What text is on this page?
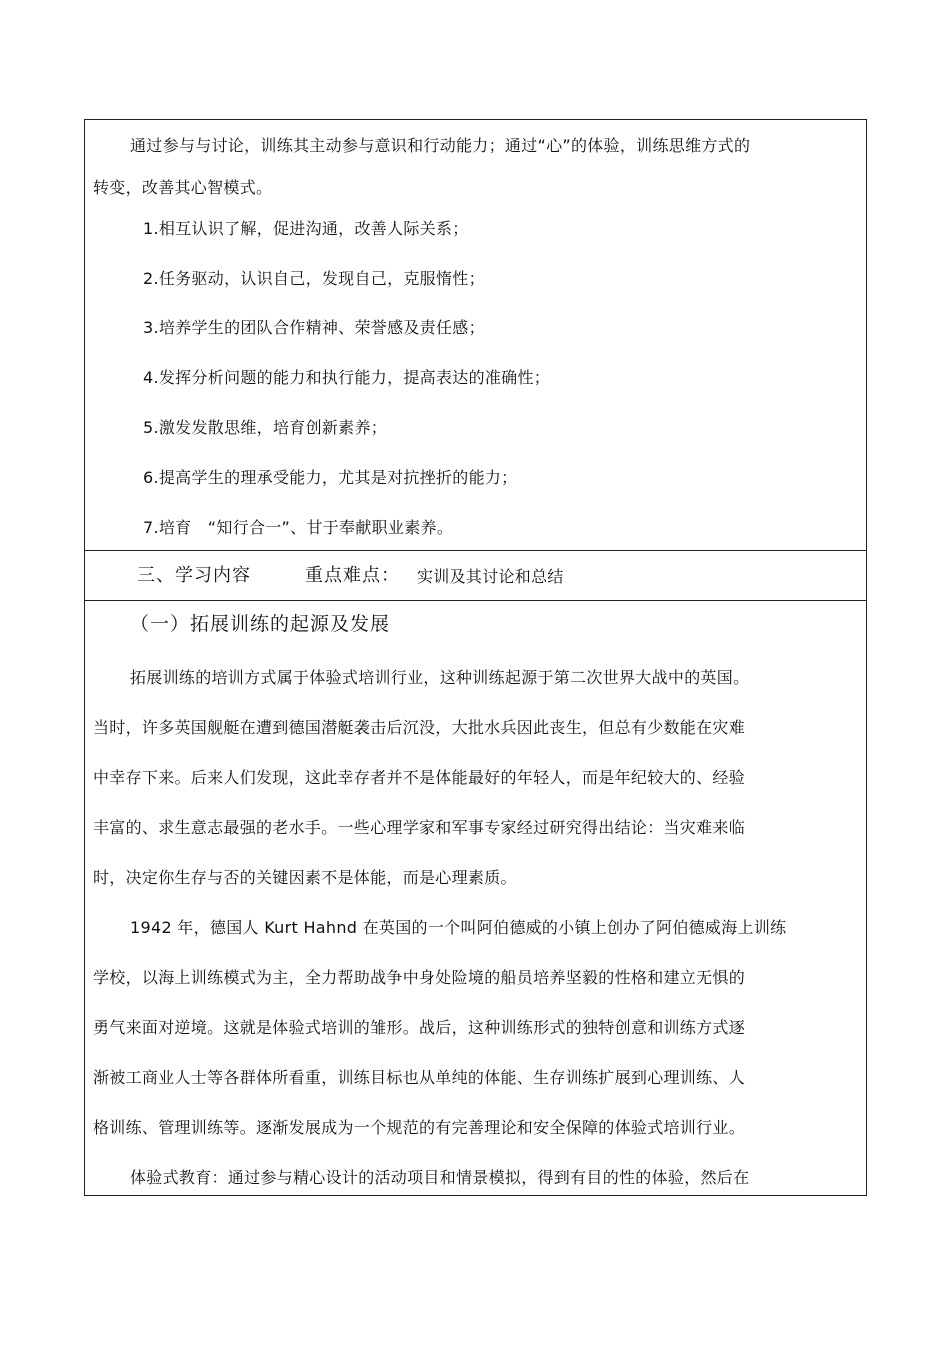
通过参与与讨论，训练其主动参与意识和行动能力；通过“心”的体验，训练思维方式的
转变，改善其心智模式。
1.相互认识了解，促进沟通，改善人际关系；
2.任务驱动，认识自己，发现自己，克服惰性；
3.培养学生的团队合作精神、荣誉感及责任感；
4.发挥分析问题的能力和执行能力，提高表达的准确性；
5.激发发散思维，培育创新素养；
6.提高学生的理承受能力，尤其是对抗挫折的能力；
7.培育　“知行合一”、甘于奉献职业素养。
三、学习内容	重点难点： 实训及其讨论和总结
（一）拓展训练的起源及发展
拓展训练的培训方式属于体验式培训行业，这种训练起源于第二次世界大战中的英国。
当时，许多英国舰艇在遭到德国潜艇袭击后沉没，大批水兵因此丧生，但总有少数能在灾难
中幸存下来。后来人们发现，这此幸存者并不是体能最好的年轻人，而是年纪较大的、经验
丰富的、求生意志最强的老水手。一些心理学家和军事专家经过研究得出结论：当灾难来临
时，决定你生存与否的关键因素不是体能，而是心理素质。
1942 年，德国人 Kurt Hahnd 在英国的一个叫阿伯德威的小镇上创办了阿伯德威海上训练
学校，以海上训练模式为主，全力帮助战争中身处险境的船员培养坚毅的性格和建立无惧的
勇气来面对逆境。这就是体验式培训的雏形。战后，这种训练形式的独特创意和训练方式逐
渐被工商业人士等各群体所看重，训练目标也从单纯的体能、生存训练扩展到心理训练、人
格训练、管理训练等。逐渐发展成为一个规范的有完善理论和安全保障的体验式培训行业。
体验式教育：通过参与精心设计的活动项目和情景模拟，得到有目的性的体验，然后在
